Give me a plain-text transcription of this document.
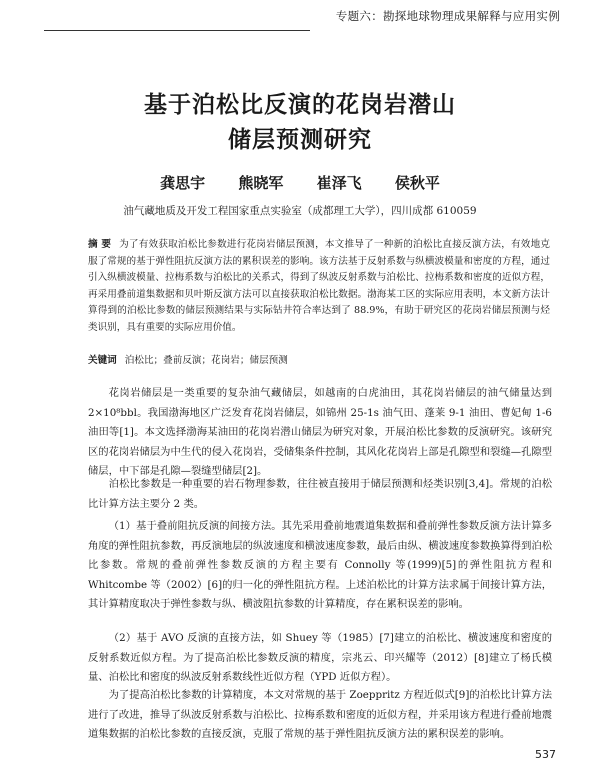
专题六：勘探地球物理成果解释与应用实例
基于泊松比反演的花岗岩潜山
储层预测研究
龚思宇 熊晓军 崔泽飞 侯秋平
油气藏地质及开发工程国家重点实验室（成都理工大学），四川成都 610059
摘 要 为了有效获取泊松比参数进行花岗岩储层预测，本文推导了一种新的泊松比直接反演方法，有效地克服了常规的基于弹性阻抗反演方法的累积误差的影响。该方法基于反射系数与纵横波模量和密度的方程，通过引入纵横波模量、拉梅系数与泊松比的关系式，得到了纵波反射系数与泊松比、拉梅系数和密度的近似方程，再采用叠前道集数据和贝叶斯反演方法可以直接获取泊松比数据。渤海某工区的实际应用表明，本文新方法计算得到的泊松比参数的储层预测结果与实际钻井符合率达到了 88.9%，有助于研究区的花岗岩储层预测与烃类识别，具有重要的实际应用价值。
关键词 泊松比；叠前反演；花岗岩；储层预测

花岗岩储层是一类重要的复杂油气藏储层，如越南的白虎油田，其花岗岩储层的油气储量达到 2×10⁸bbl。我国渤海地区广泛发育花岗岩储层，如锦州 25-1s 油气田、蓬莱 9-1 油田、曹妃甸 1-6 油田等[1]。本文选择渤海某油田的花岗岩潜山储层为研究对象，开展泊松比参数的反演研究。该研究区的花岗岩储层为中生代的侵入花岗岩，受储集条件控制，其风化花岗岩上部是孔隙型和裂缝—孔隙型储层，中下部是孔隙—裂缝型储层[2]。

泊松比参数是一种重要的岩石物理参数，往往被直接用于储层预测和烃类识别[3,4]。常规的泊松比计算方法主要分 2 类。

（1）基于叠前阻抗反演的间接方法。其先采用叠前地震道集数据和叠前弹性参数反演方法计算多角度的弹性阻抗参数，再反演地层的纵波速度和横波速度参数，最后由纵、横波速度参数换算得到泊松比参数。常规的叠前弹性参数反演的方程主要有 Connolly 等(1999)[5]的弹性阻抗方程和 Whitcombe 等（2002）[6]的归一化的弹性阻抗方程。上述泊松比的计算方法求属于间接计算方法，其计算精度取决于弹性参数与纵、横波阻抗参数的计算精度，存在累积误差的影响。

（2）基于 AVO 反演的直接方法，如 Shuey 等（1985）[7]建立的泊松比、横波速度和密度的反射系数近似方程。为了提高泊松比参数反演的精度，宗兆云、印兴耀等（2012）[8]建立了杨氏模量、泊松比和密度的纵波反射系数线性近似方程（YPD 近似方程）。

为了提高泊松比参数的计算精度，本文对常规的基于 Zoeppritz 方程近似式[9]的泊松比计算方法进行了改进，推导了纵波反射系数与泊松比、拉梅系数和密度的近似方程，并采用该方程进行叠前地震道集数据的泊松比参数的直接反演，克服了常规的基于弹性阻抗反演方法的累积误差的影响。

537
